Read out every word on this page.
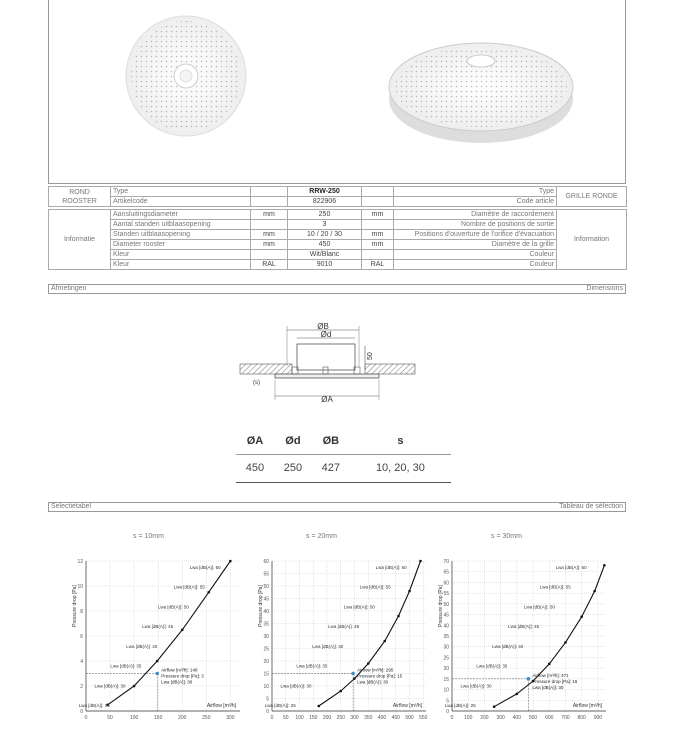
ROND
ROOSTER	Type		RRW-250		Type	GRILLE RONDE
	Artikelcode		822906		Code article	
Informatie	Aansluitingsdiameter	mm	250	mm	Diamètre de raccordement	Information
	Aantal standen uitblaasopening		3		Nombre de positions de sortie	
	Standen uitblaasopening	mm	10 / 20 / 30	mm	Positions d'ouverture de l'orifice d'évacuation	
	Diameter rooster	mm	450	mm	Diamètre de la grille	
	Kleur		Wit/Blanc		Couleur	
	Kleur	RAL	9010	RAL	Couleur	
Afmetingen	Dimensions
ØB
Ød
ØA
50
(s)
ØA	Ød	ØB	s
450	250	427	10, 20, 30
Selectietabel	Tableau de sélection
s = 10mm	s = 20mm	s = 30mm
0	50	100	150	200	250	300
0
2
4
6
8
10
12
Pressure drop [Pa]
Airflow [m³/h]
Lwa [dB(A)]: 25
Lwa [dB(A)]: 30
Lwa [dB(A)]: 35
Lwa [dB(A)]: 40
Lwa [dB(A)]: 45
Lwa [dB(A)]: 50
Lwa [dB(A)]: 55
Lwa [dB(A)]: 60
Airflow [m³/h]: 148
Pressure drop [Pa]: 3
Lwa [dB(A)]: 30
0 50 100 150 200 250 300 350 400 450 500 550
0
5
10
15
20
25
30
35
40
45
50
55
60
Pressure drop [Pa]
Airflow [m³/h]
Lwa [dB(A)]: 25
Lwa [dB(A)]: 30
Lwa [dB(A)]: 35
Lwa [dB(A)]: 40
Lwa [dB(A)]: 45
Lwa [dB(A)]: 50
Lwa [dB(A)]: 55
Lwa [dB(A)]: 60
Airflow [m³/h]: 295
Pressure drop [Pa]: 15
Lwa [dB(A)]: 30
0 100 200 300 400 500 600 700 800 900
0
5
10
15
20
25
30
35
40
45
50
55
60
65
70
Pressure drop [Pa]
Airflow [m³/h]
Lwa [dB(A)]: 25
Lwa [dB(A)]: 30
Lwa [dB(A)]: 35
Lwa [dB(A)]: 40
Lwa [dB(A)]: 45
Lwa [dB(A)]: 50
Lwa [dB(A)]: 55
Lwa [dB(A)]: 60
Airflow [m³/h]: 471
Pressure drop [Pa]: 15
Lwa [dB(A)]: 30
